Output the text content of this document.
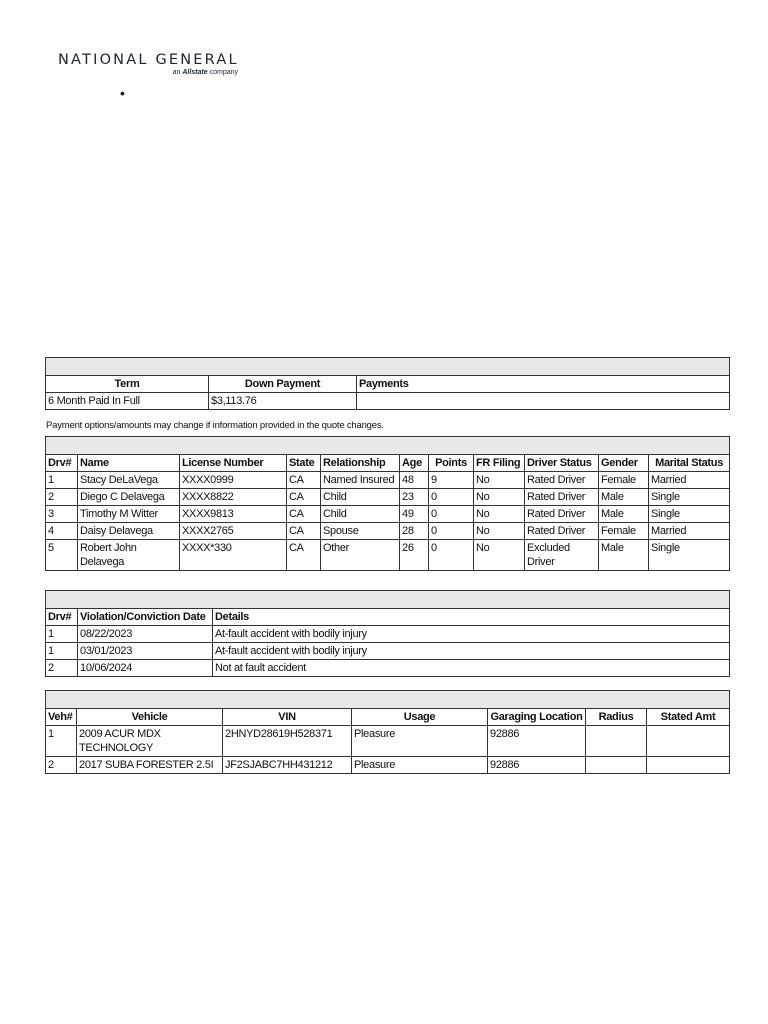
NATIONAL GENERAL
an Allstate company
•

Term	Down Payment	Payments
6 Month Paid In Full	$3,113.76	
Payment options/amounts may change if information provided in the quote changes.

Drv#	Name	License Number	State	Relationship	Age	Points	FR Filing	Driver Status	Gender	Marital Status
1	Stacy DeLaVega	XXXX0999	CA	Named Insured	48	9	No	Rated Driver	Female	Married
2	Diego C Delavega	XXXX8822	CA	Child	23	0	No	Rated Driver	Male	Single
3	Timothy M Witter	XXXX9813	CA	Child	49	0	No	Rated Driver	Male	Single
4	Daisy Delavega	XXXX2765	CA	Spouse	28	0	No	Rated Driver	Female	Married
5	Robert John Delavega	XXXX*330	CA	Other	26	0	No	Excluded Driver	Male	Single

Drv#	Violation/Conviction Date	Details
1	08/22/2023	At-fault accident with bodily injury
1	03/01/2023	At-fault accident with bodily injury
2	10/06/2024	Not at fault accident

Veh#	Vehicle	VIN	Usage	Garaging Location	Radius	Stated Amt
1	2009 ACUR MDX TECHNOLOGY	2HNYD28619H528371	Pleasure	92886		
2	2017 SUBA FORESTER 2.5I	JF2SJABC7HH431212	Pleasure	92886		
